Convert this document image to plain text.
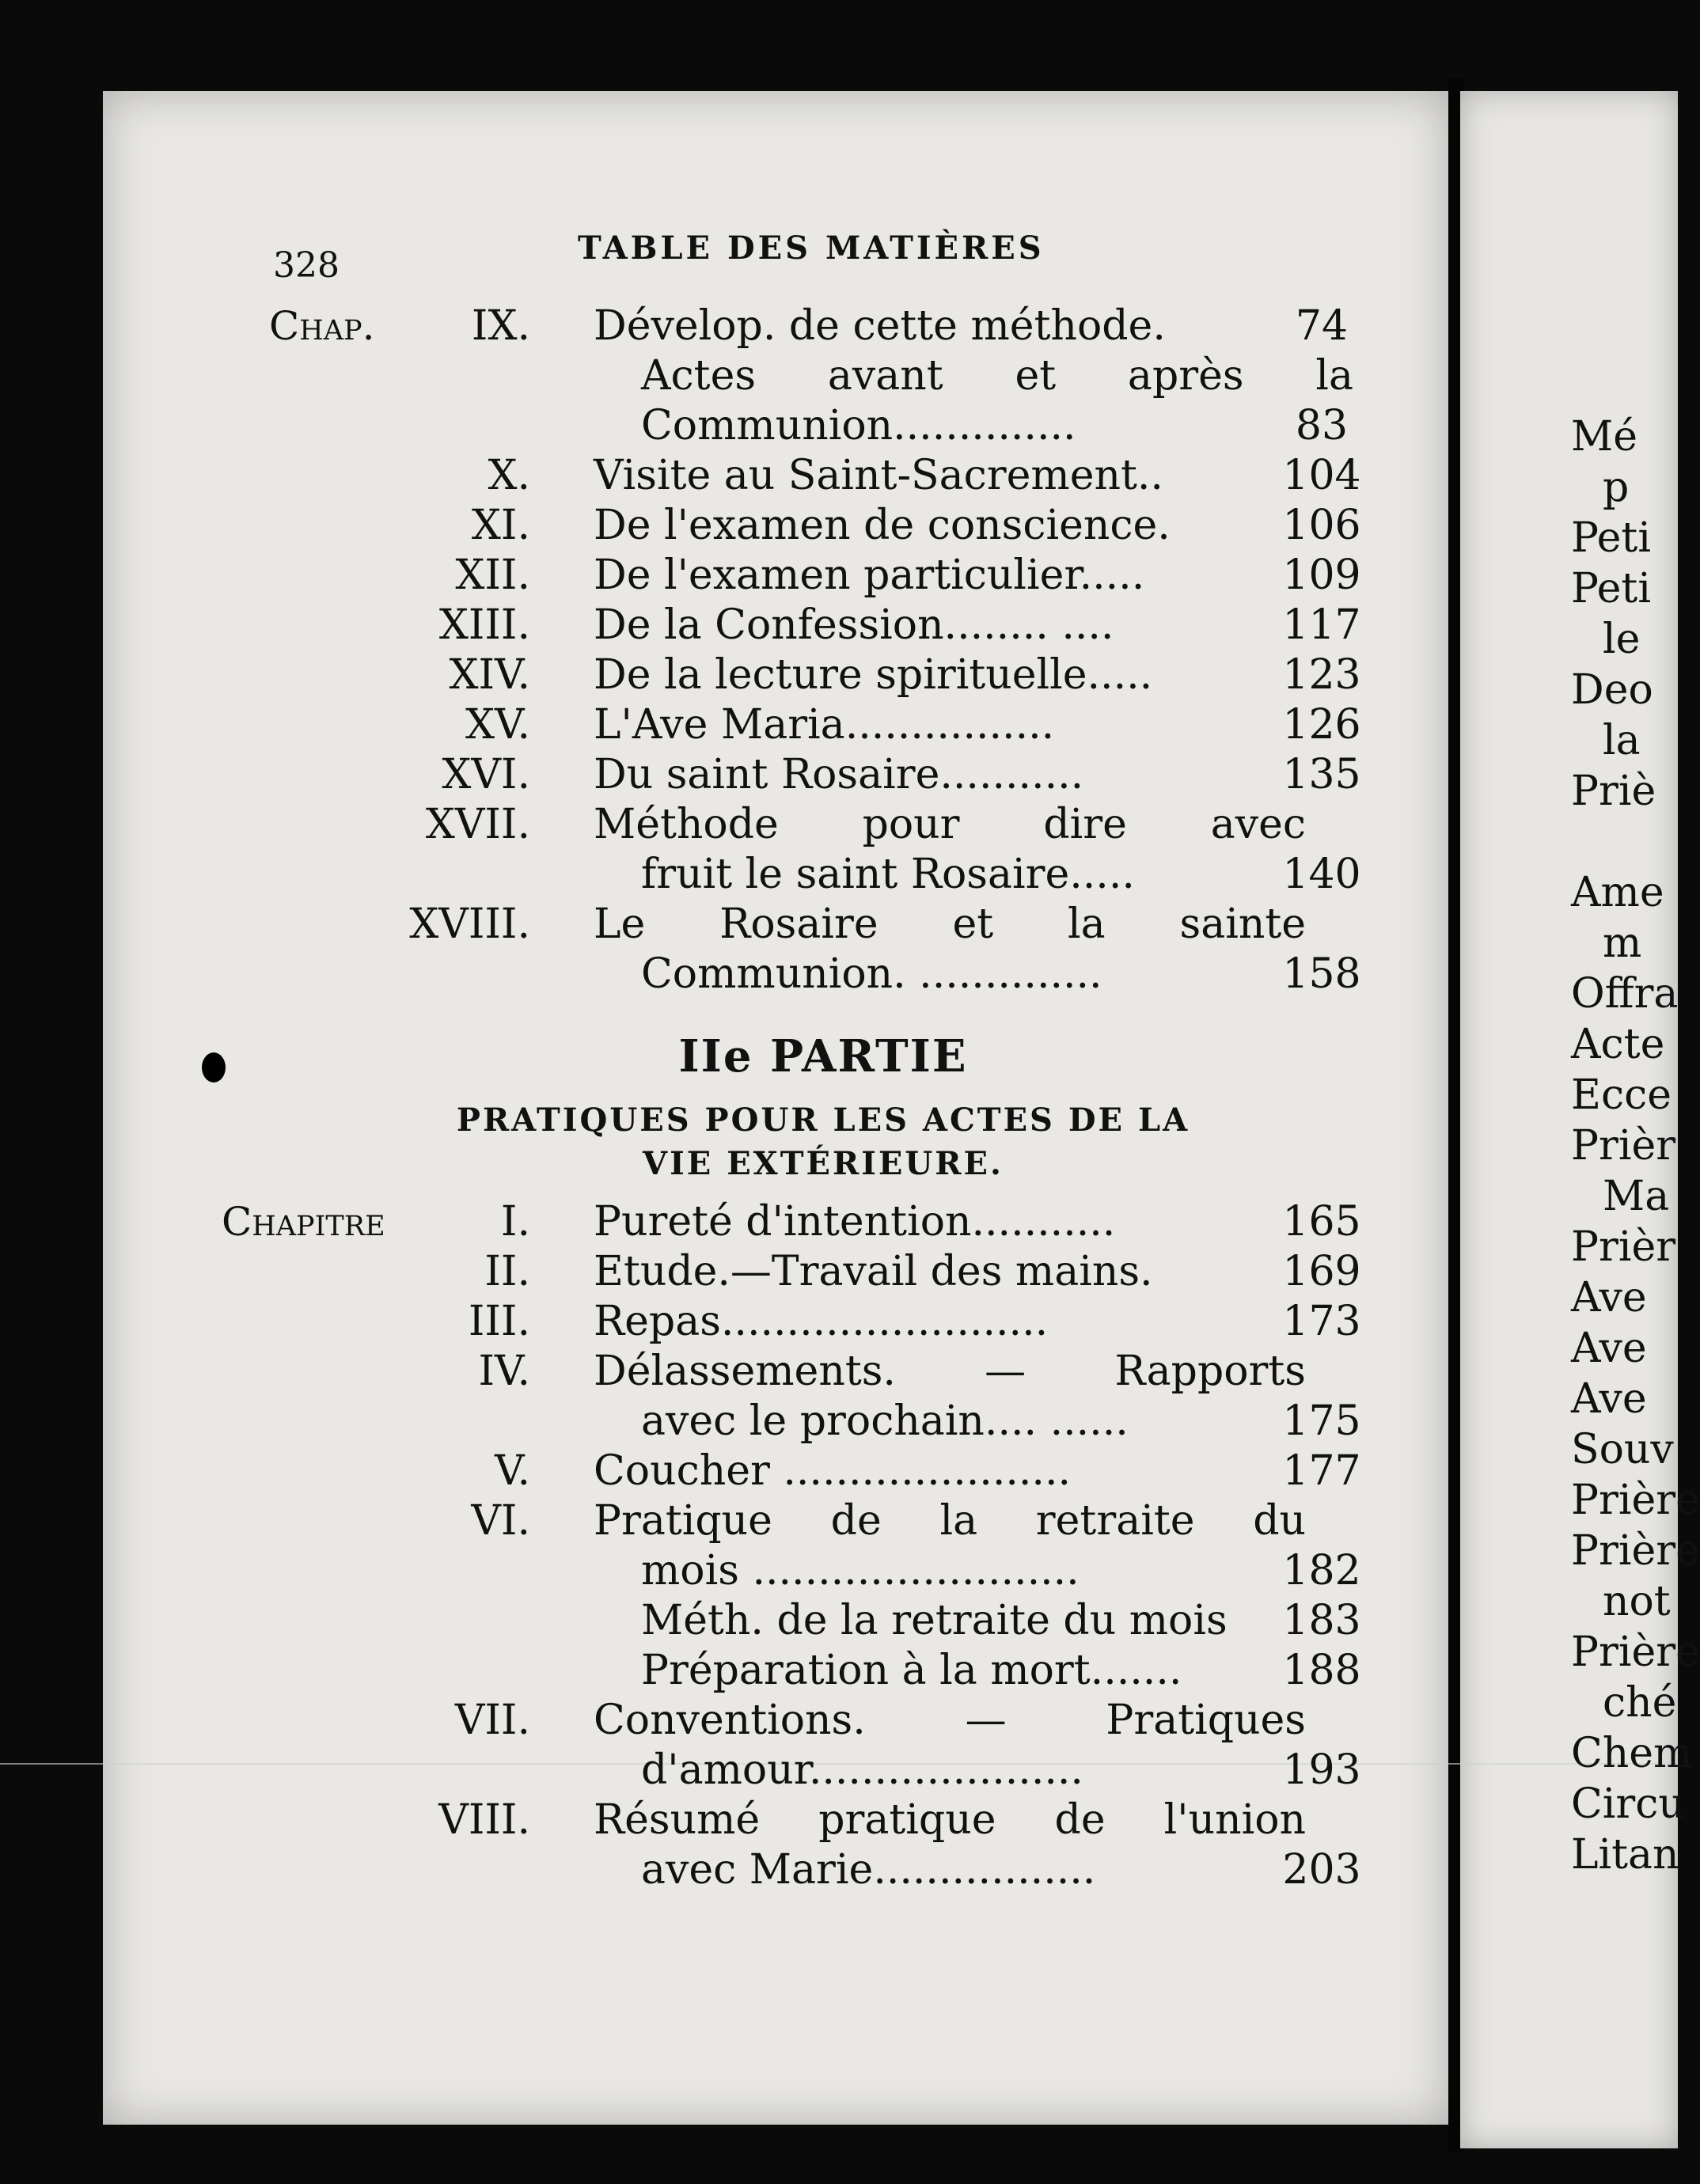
328	TABLE DES MATIÈRES
Chap.	IX. Dévelop. de cette méthode.	74
Actes avant et après la
Communion..............	83
X. Visite au Saint-Sacrement..	104
XI. De l'examen de conscience.	106
XII. De l'examen particulier.....	109
XIII. De la Confession........ ....	117
XIV. De la lecture spirituelle.....	123
XV. L'Ave Maria................	126
XVI. Du saint Rosaire...........	135
XVII. Méthode pour dire avec
fruit le saint Rosaire.....	140
XVIII. Le Rosaire et la sainte
Communion. ..............	158
IIe PARTIE
PRATIQUES POUR LES ACTES DE LA
VIE EXTÉRIEURE.
Chapitre	I. Pureté d'intention...........	165
II. Etude.—Travail des mains.	169
III. Repas.........................	173
IV. Délassements. — Rapports
avec le prochain.... ......	175
V. Coucher ......................	177
VI. Pratique de la retraite du
mois .........................	182
Méth. de la retraite du mois	183
Préparation à la mort.......	188
VII. Conventions. — Pratiques
d'amour.....................	193
VIII. Résumé pratique de l'union
avec Marie.................	203
Mé
p
Peti
Peti
le
Deo
la
Priè
Ame
m
Offra
Acte
Ecce
Prièr
Ma
Prièr
Ave
Ave
Ave
Souv
Prière
Prière
not
Prière
ché
Chem
Circu
Litan
